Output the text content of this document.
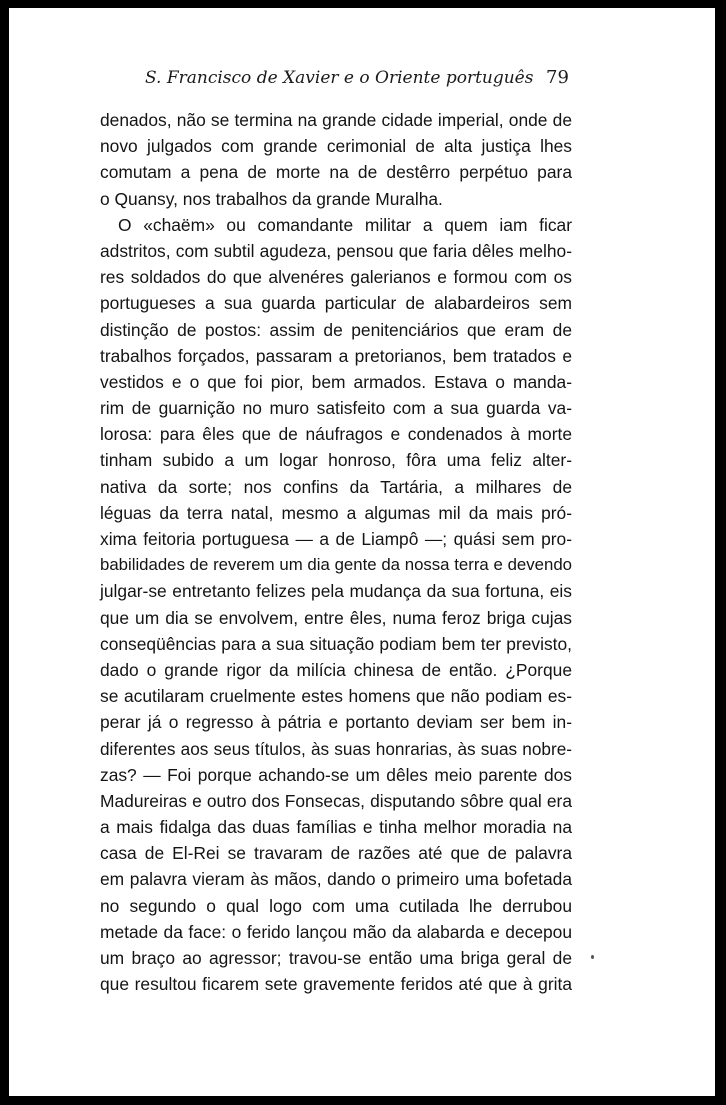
S. Francisco de Xavier e o Oriente português 79
denados, não se termina na grande cidade imperial, onde de
novo julgados com grande cerimonial de alta justiça lhes
comutam a pena de morte na de destêrro perpétuo para
o Quansy, nos trabalhos da grande Muralha.
O «chaëm» ou comandante militar a quem iam ficar
adstritos, com subtil agudeza, pensou que faria dêles melho-
res soldados do que alvenéres galerianos e formou com os
portugueses a sua guarda particular de alabardeiros sem
distinção de postos: assim de penitenciários que eram de
trabalhos forçados, passaram a pretorianos, bem tratados e
vestidos e o que foi pior, bem armados. Estava o manda-
rim de guarnição no muro satisfeito com a sua guarda va-
lorosa: para êles que de náufragos e condenados à morte
tinham subido a um logar honroso, fôra uma feliz alter-
nativa da sorte; nos confins da Tartária, a milhares de
léguas da terra natal, mesmo a algumas mil da mais pró-
xima feitoria portuguesa — a de Liampô —; quási sem pro-
babilidades de reverem um dia gente da nossa terra e devendo
julgar-se entretanto felizes pela mudança da sua fortuna, eis
que um dia se envolvem, entre êles, numa feroz briga cujas
conseqüências para a sua situação podiam bem ter previsto,
dado o grande rigor da milícia chinesa de então. ¿Porque
se acutilaram cruelmente estes homens que não podiam es-
perar já o regresso à pátria e portanto deviam ser bem in-
diferentes aos seus títulos, às suas honrarias, às suas nobre-
zas? — Foi porque achando-se um dêles meio parente dos
Madureiras e outro dos Fonsecas, disputando sôbre qual era
a mais fidalga das duas famílias e tinha melhor moradia na
casa de El-Rei se travaram de razões até que de palavra
em palavra vieram às mãos, dando o primeiro uma bofetada
no segundo o qual logo com uma cutilada lhe derrubou
metade da face: o ferido lançou mão da alabarda e decepou
um braço ao agressor; travou-se então uma briga geral de
que resultou ficarem sete gravemente feridos até que à grita
